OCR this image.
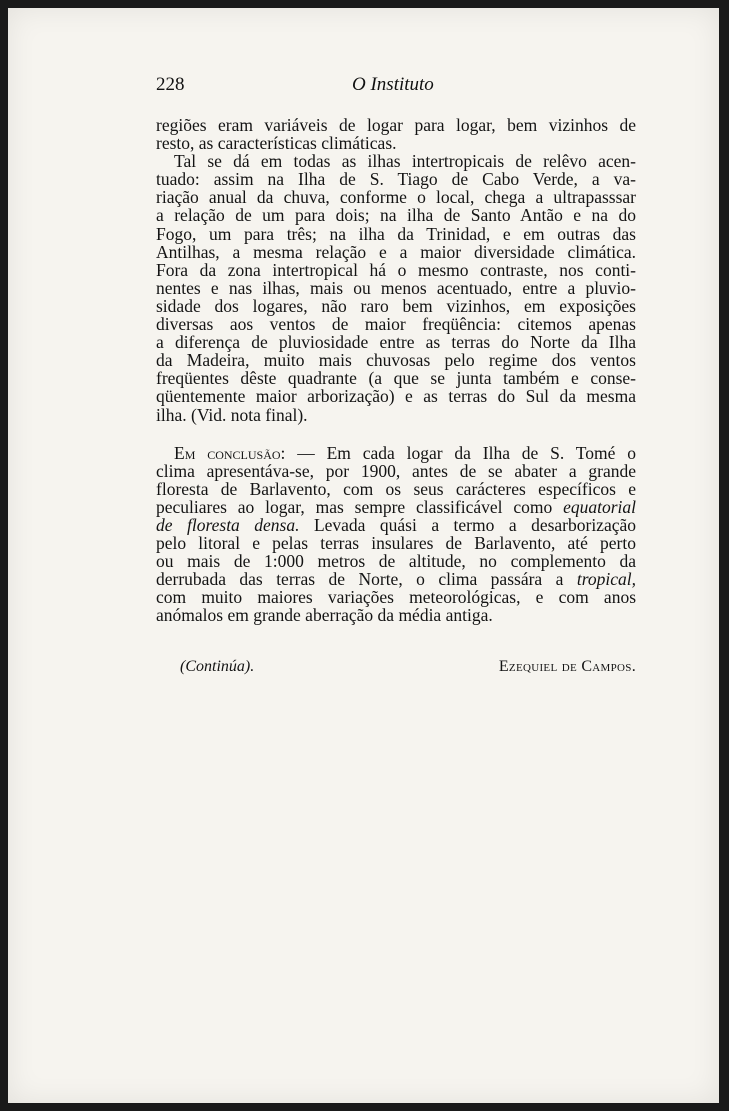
228	O Instituto

regiões eram variáveis de logar para logar, bem vizinhos de
resto, as características climáticas.

Tal se dá em todas as ilhas intertropicais de relêvo acen-
tuado: assim na Ilha de S. Tiago de Cabo Verde, a va-
riação anual da chuva, conforme o local, chega a ultrapasssar
a relação de um para dois; na ilha de Santo Antão e na do
Fogo, um para três; na ilha da Trinidad, e em outras das
Antilhas, a mesma relação e a maior diversidade climática.
Fora da zona intertropical há o mesmo contraste, nos conti-
nentes e nas ilhas, mais ou menos acentuado, entre a pluvio-
sidade dos logares, não raro bem vizinhos, em exposições
diversas aos ventos de maior freqüência: citemos apenas
a diferença de pluviosidade entre as terras do Norte da Ilha
da Madeira, muito mais chuvosas pelo regime dos ventos
freqüentes dêste quadrante (a que se junta também e conse-
qüentemente maior arborização) e as terras do Sul da mesma
ilha. (Vid. nota final).

Em conclusão: — Em cada logar da Ilha de S. Tomé o
clima apresentáva-se, por 1900, antes de se abater a grande
floresta de Barlavento, com os seus carácteres específicos e
peculiares ao logar, mas sempre classificável como equatorial
de floresta densa. Levada quási a termo a desarborização
pelo litoral e pelas terras insulares de Barlavento, até perto
ou mais de 1:000 metros de altitude, no complemento da
derrubada das terras de Norte, o clima passára a tropical,
com muito maiores variações meteorológicas, e com anos
anómalos em grande aberração da média antiga.

(Continúa).	Ezequiel de Campos.
